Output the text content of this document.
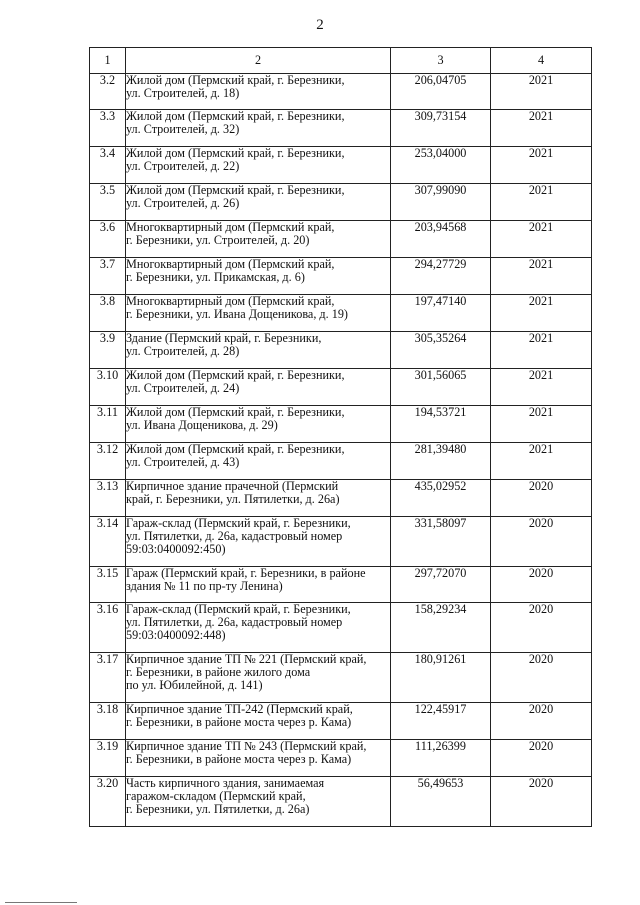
2
1	2	3	4
3.2	Жилой дом (Пермский край, г. Березники,
ул. Строителей, д. 18)	206,04705	2021
3.3	Жилой дом (Пермский край, г. Березники,
ул. Строителей, д. 32)	309,73154	2021
3.4	Жилой дом (Пермский край, г. Березники,
ул. Строителей, д. 22)	253,04000	2021
3.5	Жилой дом (Пермский край, г. Березники,
ул. Строителей, д. 26)	307,99090	2021
3.6	Многоквартирный дом (Пермский край,
г. Березники, ул. Строителей, д. 20)	203,94568	2021
3.7	Многоквартирный дом (Пермский край,
г. Березники, ул. Прикамская, д. 6)	294,27729	2021
3.8	Многоквартирный дом (Пермский край,
г. Березники, ул. Ивана Дощеникова, д. 19)	197,47140	2021
3.9	Здание (Пермский край, г. Березники,
ул. Строителей, д. 28)	305,35264	2021
3.10	Жилой дом (Пермский край, г. Березники,
ул. Строителей, д. 24)	301,56065	2021
3.11	Жилой дом (Пермский край, г. Березники,
ул. Ивана Дощеникова, д. 29)	194,53721	2021
3.12	Жилой дом (Пермский край, г. Березники,
ул. Строителей, д. 43)	281,39480	2021
3.13	Кирпичное здание прачечной (Пермский
край, г. Березники, ул. Пятилетки, д. 26а)	435,02952	2020
3.14	Гараж-склад (Пермский край, г. Березники,
ул. Пятилетки, д. 26а, кадастровый номер
59:03:0400092:450)	331,58097	2020
3.15	Гараж (Пермский край, г. Березники, в районе
здания № 11 по пр-ту Ленина)	297,72070	2020
3.16	Гараж-склад (Пермский край, г. Березники,
ул. Пятилетки, д. 26а, кадастровый номер
59:03:0400092:448)	158,29234	2020
3.17	Кирпичное здание ТП № 221 (Пермский край,
г. Березники, в районе жилого дома
по ул. Юбилейной, д. 141)	180,91261	2020
3.18	Кирпичное здание ТП-242 (Пермский край,
г. Березники, в районе моста через р. Кама)	122,45917	2020
3.19	Кирпичное здание ТП № 243 (Пермский край,
г. Березники, в районе моста через р. Кама)	111,26399	2020
3.20	Часть кирпичного здания, занимаемая
гаражом-складом (Пермский край,
г. Березники, ул. Пятилетки, д. 26а)	56,49653	2020
